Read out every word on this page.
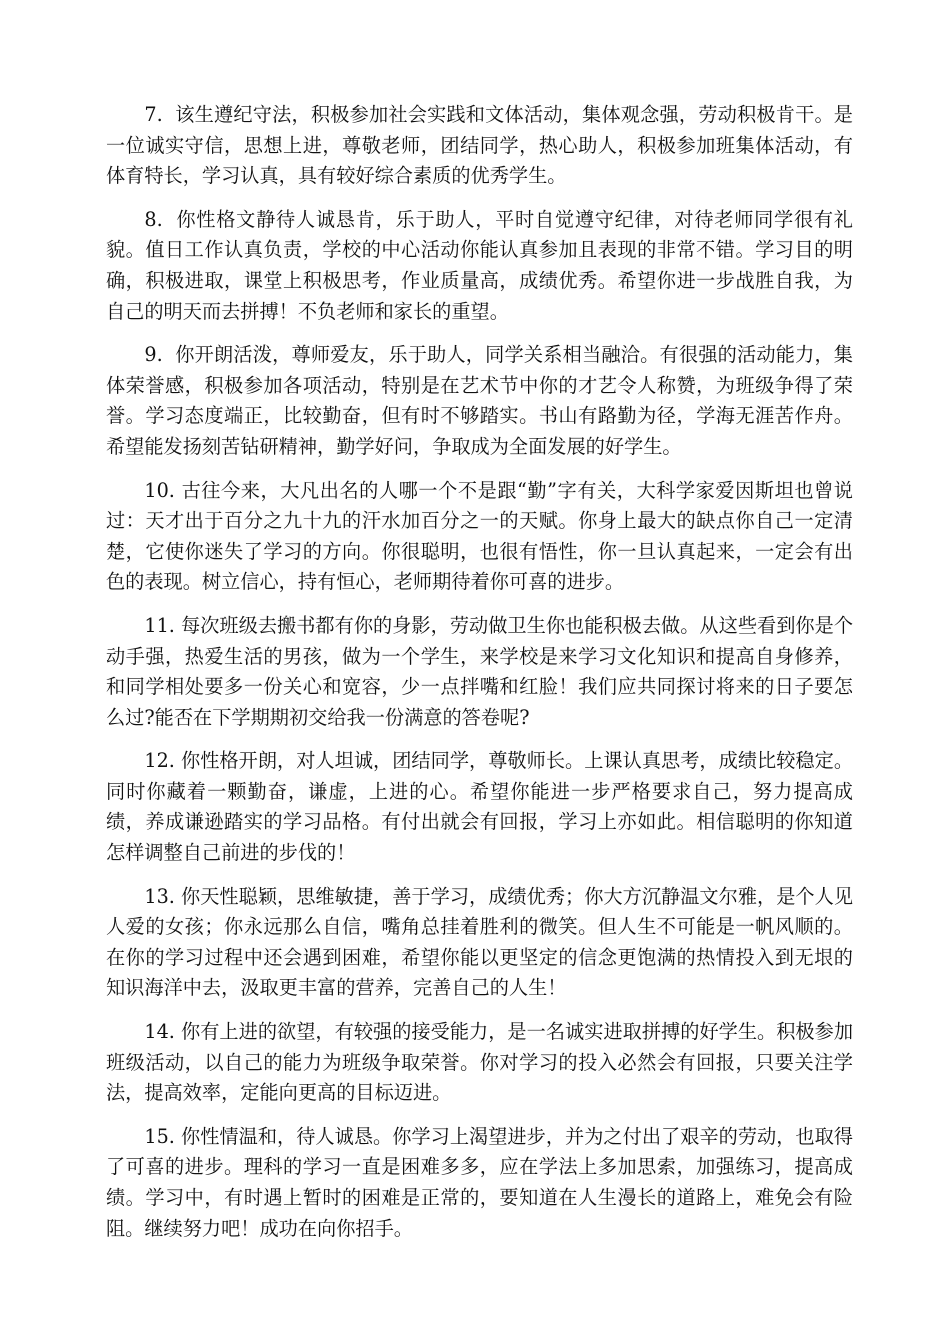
7. 该生遵纪守法，积极参加社会实践和文体活动，集体观念强，劳动积极肯干。是一位诚实守信，思想上进，尊敬老师，团结同学，热心助人，积极参加班集体活动，有体育特长，学习认真，具有较好综合素质的优秀学生。

8. 你性格文静待人诚恳肯，乐于助人，平时自觉遵守纪律，对待老师同学很有礼貌。值日工作认真负责，学校的中心活动你能认真参加且表现的非常不错。学习目的明确，积极进取，课堂上积极思考，作业质量高，成绩优秀。希望你进一步战胜自我，为自己的明天而去拼搏！不负老师和家长的重望。

9. 你开朗活泼，尊师爱友，乐于助人，同学关系相当融洽。有很强的活动能力，集体荣誉感，积极参加各项活动，特别是在艺术节中你的才艺令人称赞，为班级争得了荣誉。学习态度端正，比较勤奋，但有时不够踏实。书山有路勤为径，学海无涯苦作舟。希望能发扬刻苦钻研精神，勤学好问，争取成为全面发展的好学生。

10. 古往今来，大凡出名的人哪一个不是跟“勤”字有关，大科学家爱因斯坦也曾说过：天才出于百分之九十九的汗水加百分之一的天赋。你身上最大的缺点你自己一定清楚，它使你迷失了学习的方向。你很聪明，也很有悟性，你一旦认真起来，一定会有出色的表现。树立信心，持有恒心，老师期待着你可喜的进步。

11. 每次班级去搬书都有你的身影，劳动做卫生你也能积极去做。从这些看到你是个动手强，热爱生活的男孩，做为一个学生，来学校是来学习文化知识和提高自身修养，和同学相处要多一份关心和宽容，少一点拌嘴和红脸！我们应共同探讨将来的日子要怎么过?能否在下学期期初交给我一份满意的答卷呢?

12. 你性格开朗，对人坦诚，团结同学，尊敬师长。上课认真思考，成绩比较稳定。同时你藏着一颗勤奋，谦虚，上进的心。希望你能进一步严格要求自己，努力提高成绩，养成谦逊踏实的学习品格。有付出就会有回报，学习上亦如此。相信聪明的你知道怎样调整自己前进的步伐的！

13. 你天性聪颖，思维敏捷，善于学习，成绩优秀；你大方沉静温文尔雅，是个人见人爱的女孩；你永远那么自信，嘴角总挂着胜利的微笑。但人生不可能是一帆风顺的。在你的学习过程中还会遇到困难，希望你能以更坚定的信念更饱满的热情投入到无垠的知识海洋中去，汲取更丰富的营养，完善自己的人生！

14. 你有上进的欲望，有较强的接受能力，是一名诚实进取拼搏的好学生。积极参加班级活动，以自己的能力为班级争取荣誉。你对学习的投入必然会有回报，只要关注学法，提高效率，定能向更高的目标迈进。

15. 你性情温和，待人诚恳。你学习上渴望进步，并为之付出了艰辛的劳动，也取得了可喜的进步。理科的学习一直是困难多多，应在学法上多加思索，加强练习，提高成绩。学习中，有时遇上暂时的困难是正常的，要知道在人生漫长的道路上，难免会有险阻。继续努力吧！成功在向你招手。
